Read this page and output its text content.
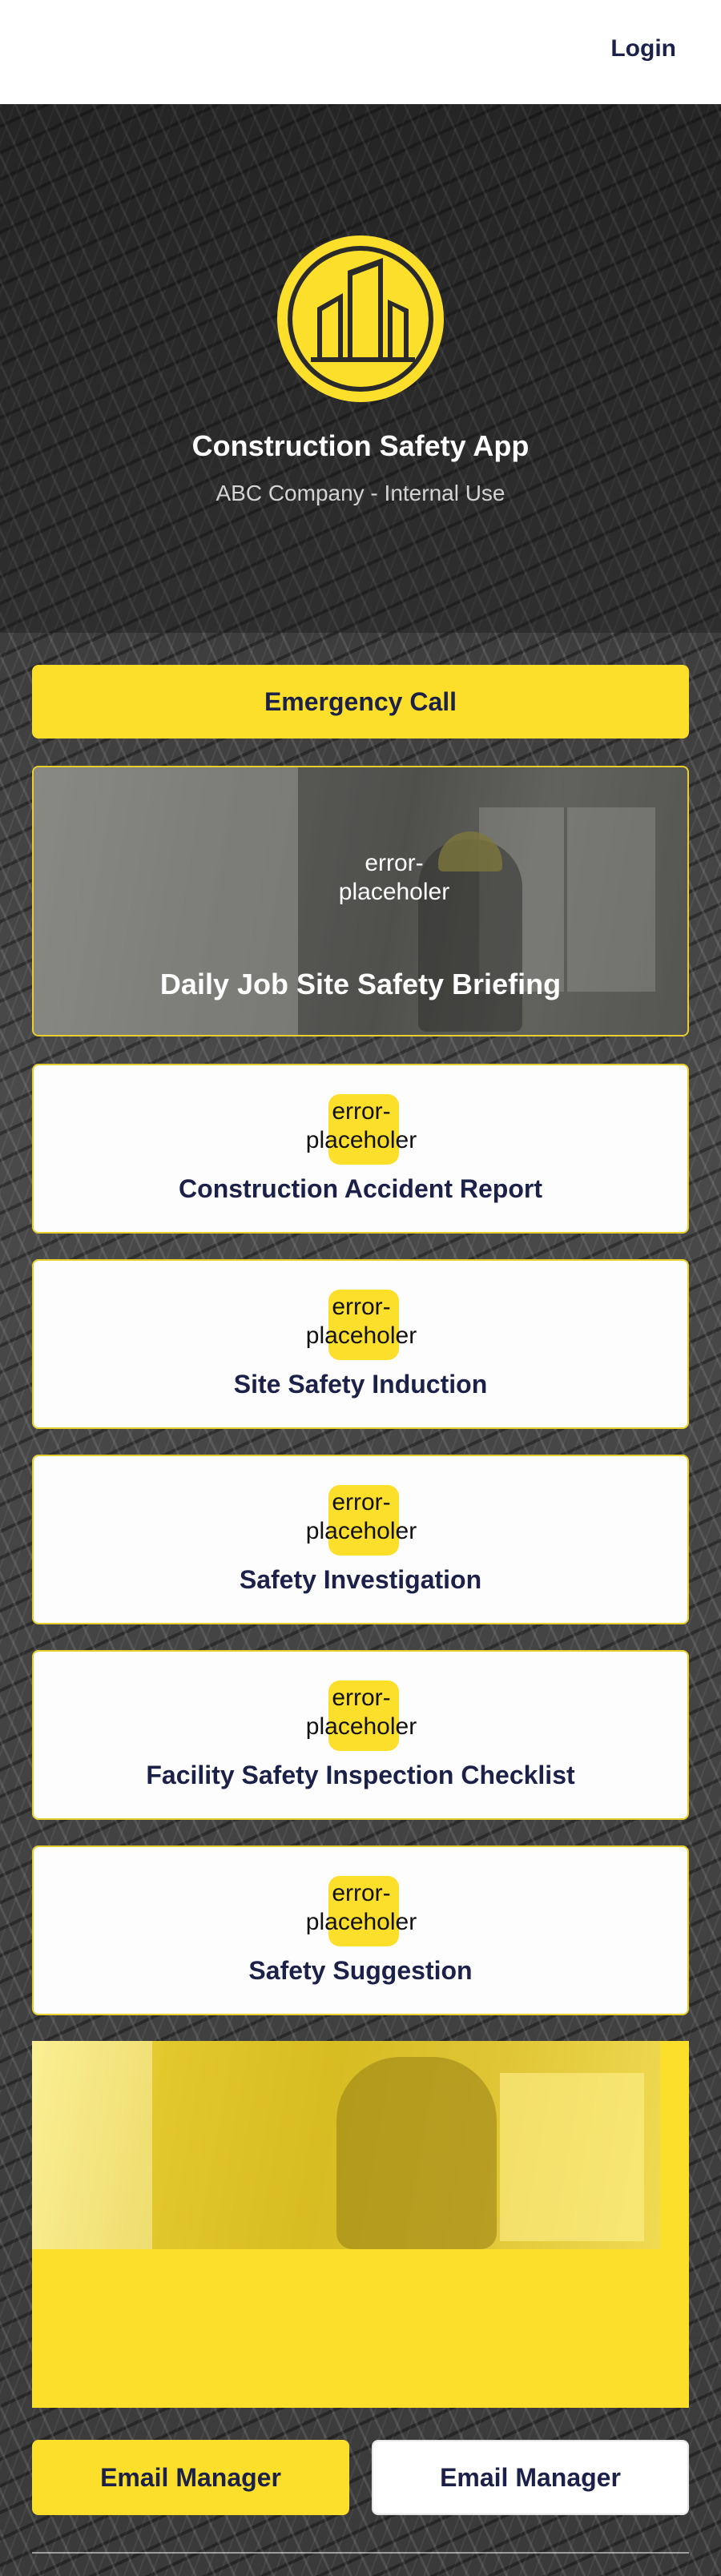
Login
Construction Safety App
ABC Company - Internal Use
Emergency Call
error-placeholer
Daily Job Site Safety Briefing
error-placeholer
Construction Accident Report
error-placeholer
Site Safety Induction
error-placeholer
Safety Investigation
error-placeholer
Facility Safety Inspection Checklist
error-placeholer
Safety Suggestion
Email Manager	Email Manager
